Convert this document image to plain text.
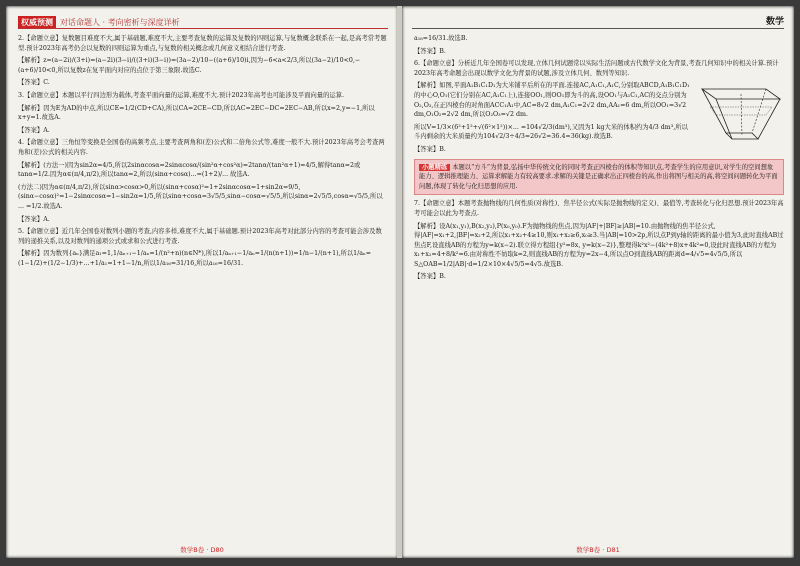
权威预测 对话命题人 · 考向密析与深度详析

2.【命题立意】复数题目难度不大,属于基础题,难度不大,主要考查复数的运算及复数的四则运算,与复数概念联系在一起,是高考常考题型.预计2023年高考仍会以复数的四则运算为重点,与复数的相关概念或几何意义相结合进行考查.

【解析】z=(a−2i)/(3+i)=(a−2i)(3−i)/((3+i)(3−i))=(3a−2)/10−((a+6)/10)i,因为−6<a<2/3,所以(3a−2)/10<0,−(a+6)/10<0,所以复数z在复平面内对应的点位于第三象限.故选C.

【答案】C.

3.【命题立意】本题以平行四边形为载体,考查平面向量的运算,难度不大.预计2023年高考也可能涉及平面向量的运算.

【解析】因为E为AD的中点,所以CE=1/2(CD+CA),所以CA=2CE−CD,所以AC=2EC−DC=2EC−AB,所以x=2,y=−1,所以x+y=1.故选A.

【答案】A.

4.【命题立意】三角恒等变换是全国卷的高频考点,主要考查两角和(差)公式和二倍角公式等,难度一般不大.预计2023年高考会考查两角和(差)公式的相关内容.

【解析】(方法一)因为sin2α=4/5,所以2sinαcosα=2sinαcosα/(sin²α+cos²α)=2tanα/(tan²α+1)=4/5,解得tanα=2或tanα=1/2.因为α∈(π/4,π/2),所以tanα=2,所以(sinα+cosα)...=(1+2)/... 故选A.

(方法二)因为α∈(π/4,π/2),所以sinα>cosα>0,所以(sinα+cosα)²=1+2sinαcosα=1+sin2α=9/5,(sinα−cosα)²=1−2sinαcosα=1−sin2α=1/5,所以sinα+cosα=3√5/5,sinα−cosα=√5/5,所以sinα=2√5/5,cosα=√5/5,所以 ... =1/2.故选A.

【答案】A.

5.【命题立意】近几年全国卷对数列小题的考查,内容多样,难度不大,属于基础题.预计2023年高考对此部分内容的考查可能会涉及数列的递推关系,以及对数列的通项公式或求和公式进行考查.

【解析】因为数列{aₙ}满足a₁=1,1/aₙ₊₁−1/aₙ=1/(n²+n)(n∈N*),所以1/aₙ₊₁−1/aₙ=1/(n(n+1))=1/n−1/(n+1),所以1/aₙ=(1−1/2)+(1/2−1/3)+…+1/a₁=1+1−1/n,所以1/a₁₆=31/16,所以a₁₆=16/31.

数学B卷 · D80
数学

a₁₆=16/31.故选B.

【答案】B.

6.【命题立意】分析近几年全国卷可以发现,立体几何试题常以实际生活问题或古代数学文化为背景,考查几何知识中的相关计算.预计2023年高考命题会出现以数学文化为背景的试题,涉及立体几何、数列等知识.

【解析】如图,平面A₁B₁C₁D₁为大米铺平后所在的平面.连接AC,A₁C₁,A₁C,分别取ABCD,A₁B₁C₁D₁的中心O,O₁(它们分别在AC,A₁C₁上),连接OO₁,则OO₁即为斗的高,设OO₁与A₁C₁,AC的交点分别为O₂,O₃,在正四棱台的对角面ACC₁A₁中,AC=8√2 dm,A₁C₁=2√2 dm,AA₁=6 dm,所以OO₁=3√2 dm,O₁O₂=2√2 dm,所以O₂O₃=√2 dm.

所以V=1/3×(6²+1²+√(6²×1²))×... =104√2/3(dm³),又因为1 kg大米的体积约为4/3 dm³,所以斗内剩余的大米质量约为104√2/3÷4/3=26√2≈36.4≈36(kg).故选B.

【答案】B.

小题精练 本题以“方斗”为背景,弘扬中华传统文化的同时考查正四棱台的体积等知识点,考查学生的应用意识,对学生的空间想象能力、逻辑推理能力、运算求解能力有较高要求.求解的关键是正确求出正四棱台的高,作出将图与相关的高,将空间问题转化为平面问题,体现了转化与化归思想的应用.

7.【命题立意】本题考查抛物线的几何性质(对称性)、焦半径公式(实际是抛物线的定义)、最值等,考查转化与化归思想.预计2023年高考可能会以此为考查点.

【解析】设A(x₁,y₁),B(x₂,y₂),P(x₀,y₀).F为抛物线的焦点,因为|AF|+|BF|≥|AB|=10.由抛物线的焦半径公式,得|AF|=x₁+2,|BF|=x₂+2,所以x₁+x₂+4≥10,则x₁+x₂≥6,x₀≥3.当|AB|=10>2p,所以点P到y轴的距离的最小值为3,此时直线AB过焦点F,设直线AB的方程为y=k(x−2).联立得方程组{y²=8x, y=k(x−2)},整理得k²x²−(4k²+8)x+4k²=0,设此时直线AB的方程为x₁+x₂=4+8/k²=6.由对称性不妨取k=2,则直线AB的方程为y=2x−4,所以点O到直线AB的距离d=4/√5=4√5/5,所以S△OAB=1/2|AB|·d=1/2×10×4√5/5=4√5.故选B.

【答案】B.

数学B卷 · D81
